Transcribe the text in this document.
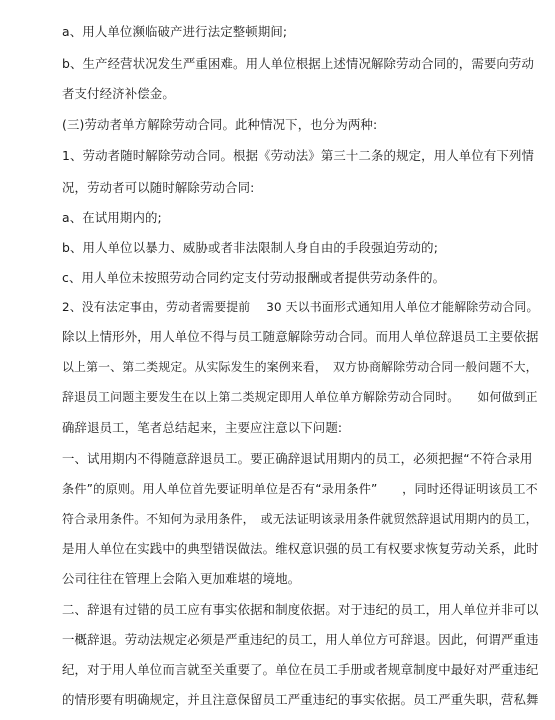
a、用人单位濒临破产进行法定整顿期间;
b、生产经营状况发生严重困难。用人单位根据上述情况解除劳动合同的，需要向劳动
者支付经济补偿金。
(三)劳动者单方解除劳动合同。此种情况下，也分为两种:
1、劳动者随时解除劳动合同。根据《劳动法》第三十二条的规定，用人单位有下列情
况，劳动者可以随时解除劳动合同:
a、在试用期内的;
b、用人单位以暴力、威胁或者非法限制人身自由的手段强迫劳动的;
c、用人单位未按照劳动合同约定支付劳动报酬或者提供劳动条件的。
2、没有法定事由，劳动者需要提前　 30 天以书面形式通知用人单位才能解除劳动合同。
除以上情形外，用人单位不得与员工随意解除劳动合同。而用人单位辞退员工主要依据
以上第一、第二类规定。从实际发生的案例来看，　双方协商解除劳动合同一般问题不大，
辞退员工问题主要发生在以上第二类规定即用人单位单方解除劳动合同时。　　如何做到正
确辞退员工，笔者总结起来，主要应注意以下问题:
一、试用期内不得随意辞退员工。要正确辞退试用期内的员工，必须把握“不符合录用
条件”的原则。用人单位首先要证明单位是否有“录用条件”　　，同时还得证明该员工不
符合录用条件。不知何为录用条件，　或无法证明该录用条件就贸然辞退试用期内的员工，
是用人单位在实践中的典型错误做法。维权意识强的员工有权要求恢复劳动关系，此时
公司往往在管理上会陷入更加难堪的境地。
二、辞退有过错的员工应有事实依据和制度依据。对于违纪的员工，用人单位并非可以
一概辞退。劳动法规定必须是严重违纪的员工，用人单位方可辞退。因此，何谓严重违
纪，对于用人单位而言就至关重要了。单位在员工手册或者规章制度中最好对严重违纪
的情形要有明确规定，并且注意保留员工严重违纪的事实依据。员工严重失职，营私舞
